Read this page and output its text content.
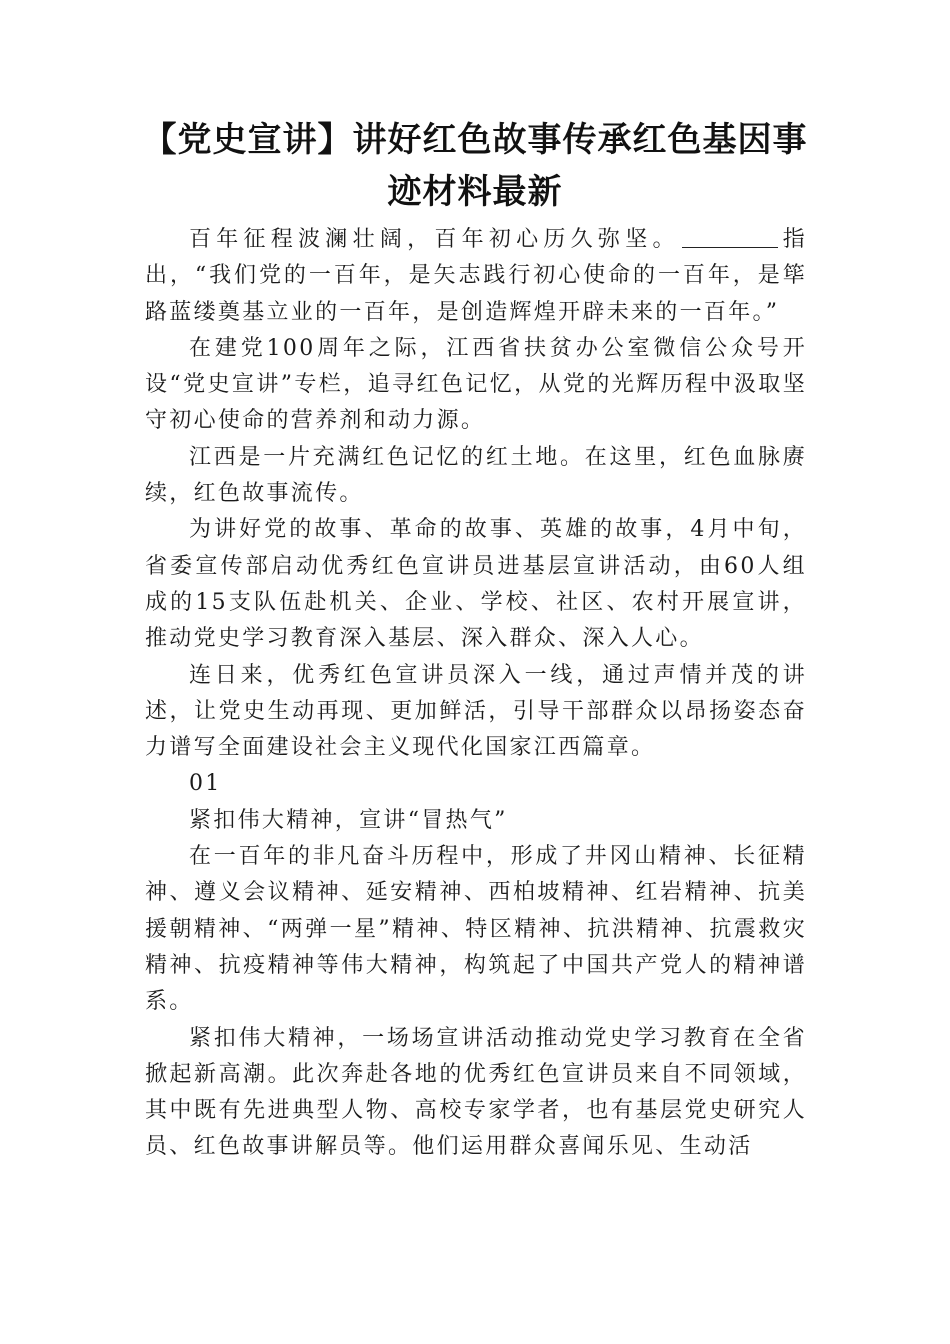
【党史宣讲】讲好红色故事传承红色基因事迹材料最新

百年征程波澜壮阔，百年初心历久弥坚。	指出，“我们党的一百年，是矢志践行初心使命的一百年，是筚路蓝缕奠基立业的一百年，是创造辉煌开辟未来的一百年。”

在建党100周年之际，江西省扶贫办公室微信公众号开设“党史宣讲”专栏，追寻红色记忆，从党的光辉历程中汲取坚守初心使命的营养剂和动力源。

江西是一片充满红色记忆的红土地。在这里，红色血脉赓续，红色故事流传。

为讲好党的故事、革命的故事、英雄的故事，4月中旬，省委宣传部启动优秀红色宣讲员进基层宣讲活动，由60人组成的15支队伍赴机关、企业、学校、社区、农村开展宣讲，推动党史学习教育深入基层、深入群众、深入人心。

连日来，优秀红色宣讲员深入一线，通过声情并茂的讲述，让党史生动再现、更加鲜活，引导干部群众以昂扬姿态奋力谱写全面建设社会主义现代化国家江西篇章。

01

紧扣伟大精神，宣讲“冒热气”

在一百年的非凡奋斗历程中，形成了井冈山精神、长征精神、遵义会议精神、延安精神、西柏坡精神、红岩精神、抗美援朝精神、“两弹一星”精神、特区精神、抗洪精神、抗震救灾精神、抗疫精神等伟大精神，构筑起了中国共产党人的精神谱系。

紧扣伟大精神，一场场宣讲活动推动党史学习教育在全省掀起新高潮。此次奔赴各地的优秀红色宣讲员来自不同领域，其中既有先进典型人物、高校专家学者，也有基层党史研究人员、红色故事讲解员等。他们运用群众喜闻乐见、生动活
